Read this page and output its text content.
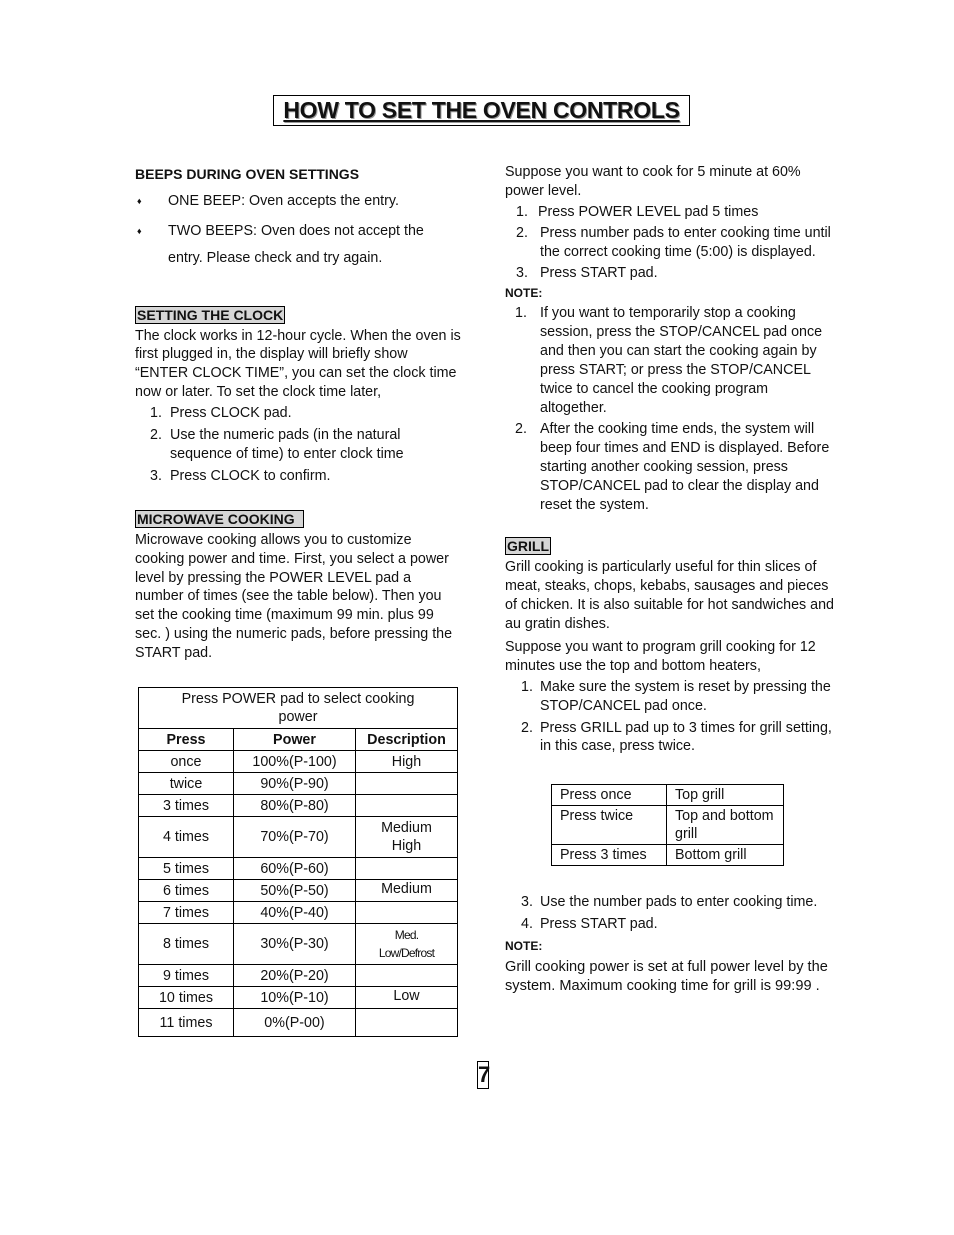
HOW TO SET THE OVEN CONTROLS
BEEPS DURING OVEN SETTINGS
♦ ONE BEEP: Oven accepts the entry.
♦ TWO BEEPS: Oven does not accept the
entry. Please check and try again.
SETTING THE CLOCK

The clock works in 12-hour cycle. When the oven is first plugged in, the display will briefly show “ENTER CLOCK TIME”, you can set the clock time now or later. To set the clock time later,

1. Press CLOCK pad.
2. Use the numeric pads (in the natural sequence of time) to enter clock time
3. Press CLOCK to confirm.
MICROWAVE COOKING

Microwave cooking allows you to customize cooking power and time. First, you select a power level by pressing the POWER LEVEL pad a number of times (see the table below). Then you set the cooking time (maximum 99 min. plus 99 sec. ) using the numeric pads, before pressing the START pad.

Press POWER pad to select cooking power		
Press	Power	Description
once	100%(P-100)	High
twice	90%(P-90)	
3 times	80%(P-80)	
4 times	70%(P-70)	Medium High
5 times	60%(P-60)	
6 times	50%(P-50)	Medium
7 times	40%(P-40)	
8 times	30%(P-30)	Med. Low/Defrost
9 times	20%(P-20)	
10 times	10%(P-10)	Low
11 times	0%(P-00)	

Suppose you want to cook for 5 minute at 60% power level.

1. Press POWER LEVEL pad 5 times
2. Press number pads to enter cooking time until the correct cooking time (5:00) is displayed.
3. Press START pad.
NOTE:
1. If you want to temporarily stop a cooking session, press the STOP/CANCEL pad once and then you can start the cooking again by press START; or press the STOP/CANCEL twice to cancel the cooking program altogether.
2. After the cooking time ends, the system will beep four times and END is displayed. Before starting another cooking session, press STOP/CANCEL pad to clear the display and reset the system.
GRILL

Grill cooking is particularly useful for thin slices of meat, steaks, chops, kebabs, sausages and pieces of chicken. It is also suitable for hot sandwiches and au gratin dishes.

Suppose you want to program grill cooking for 12 minutes use the top and bottom heaters,

1. Make sure the system is reset by pressing the STOP/CANCEL pad once.
2. Press GRILL pad up to 3 times for grill setting, in this case, press twice.
Press once	Top grill
Press twice	Top and bottom grill
Press 3 times	Bottom grill
3. Use the number pads to enter cooking time.
4. Press START pad.
NOTE:

Grill cooking power is set at full power level by the system. Maximum cooking time for grill is 99:99 .

7
